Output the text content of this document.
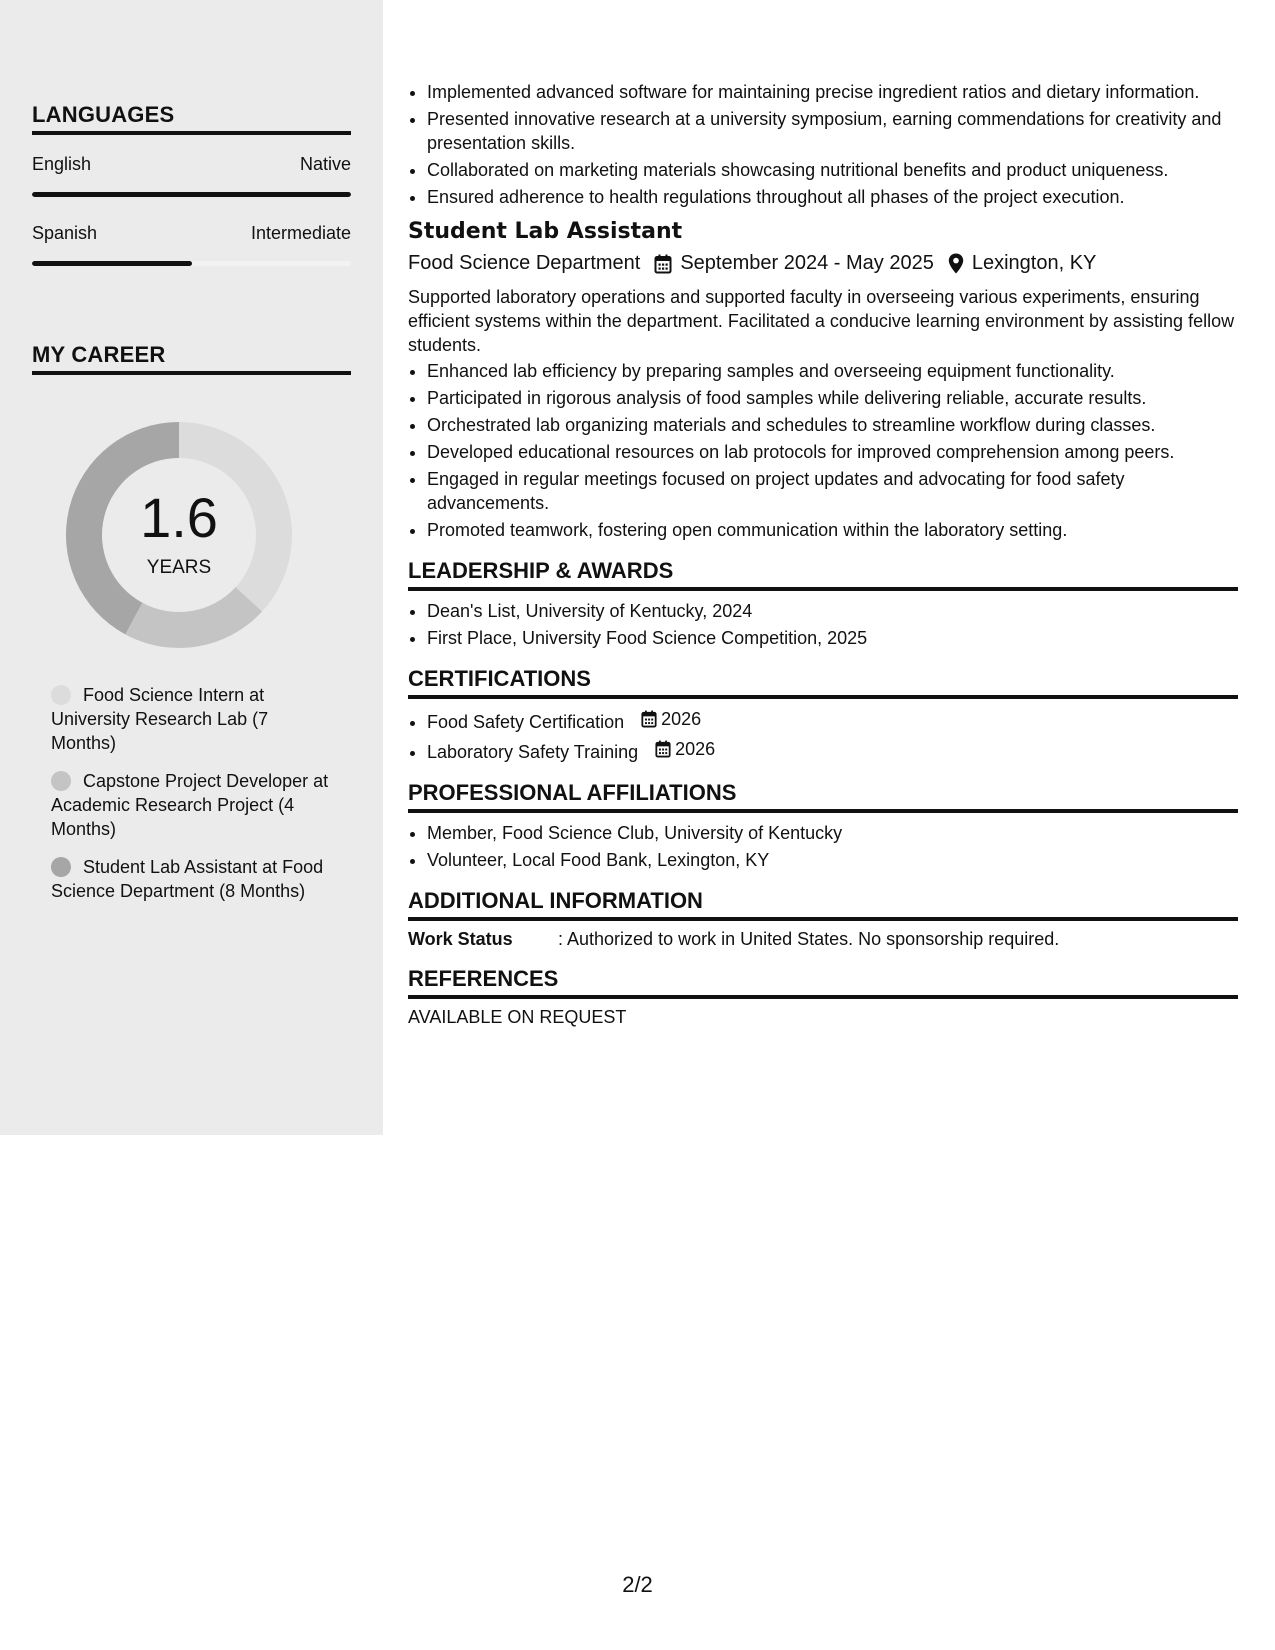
LANGUAGES
English	Native
Spanish	Intermediate
MY CAREER
1.6
YEARS
Food Science Intern at University Research Lab (7 Months)
Capstone Project Developer at Academic Research Project (4 Months)
Student Lab Assistant at Food Science Department (8 Months)
• Implemented advanced software for maintaining precise ingredient ratios and dietary information.
• Presented innovative research at a university symposium, earning commendations for creativity and presentation skills.
• Collaborated on marketing materials showcasing nutritional benefits and product uniqueness.
• Ensured adherence to health regulations throughout all phases of the project execution.
Student Lab Assistant
Food Science Department September 2024 - May 2025 Lexington, KY

Supported laboratory operations and supported faculty in overseeing various experiments, ensuring efficient systems within the department. Facilitated a conducive learning environment by assisting fellow students.

• Enhanced lab efficiency by preparing samples and overseeing equipment functionality.
• Participated in rigorous analysis of food samples while delivering reliable, accurate results.
• Orchestrated lab organizing materials and schedules to streamline workflow during classes.
• Developed educational resources on lab protocols for improved comprehension among peers.
• Engaged in regular meetings focused on project updates and advocating for food safety advancements.
• Promoted teamwork, fostering open communication within the laboratory setting.
LEADERSHIP & AWARDS
• Dean's List, University of Kentucky, 2024
• First Place, University Food Science Competition, 2025
CERTIFICATIONS
• Food Safety Certification 2026
• Laboratory Safety Training 2026
PROFESSIONAL AFFILIATIONS
• Member, Food Science Club, University of Kentucky
• Volunteer, Local Food Bank, Lexington, KY
ADDITIONAL INFORMATION
Work Status	: Authorized to work in United States. No sponsorship required.
REFERENCES
AVAILABLE ON REQUEST
2/2
